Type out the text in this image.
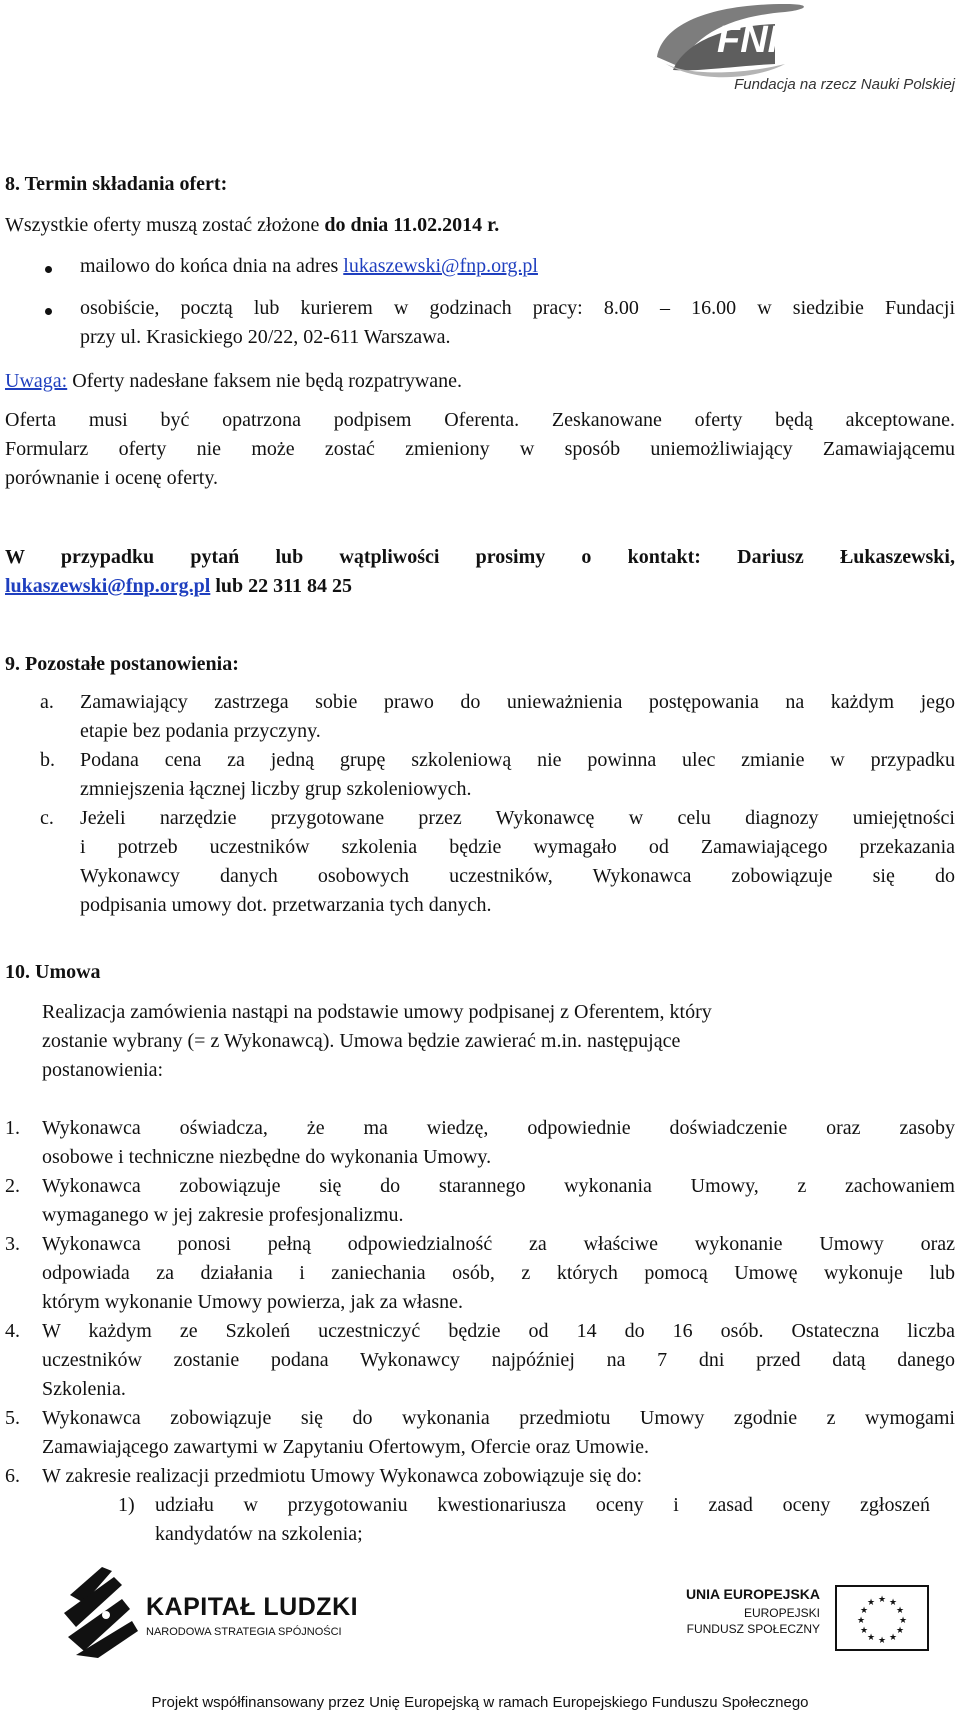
FNP
Fundacja na rzecz Nauki Polskiej
8. Termin składania ofert:
Wszystkie oferty muszą zostać złożone do dnia 11.02.2014 r.
mailowo do końca dnia na adres lukaszewski@fnp.org.pl
osobiście, pocztą lub kurierem w godzinach pracy: 8.00 – 16.00 w siedzibie Fundacji
przy ul. Krasickiego 20/22, 02-611 Warszawa.
Uwaga: Oferty nadesłane faksem nie będą rozpatrywane.
Oferta musi być opatrzona podpisem Oferenta. Zeskanowane oferty będą akceptowane.
Formularz oferty nie może zostać zmieniony w sposób uniemożliwiający Zamawiającemu
porównanie i ocenę oferty.
W przypadku pytań lub wątpliwości prosimy o kontakt: Dariusz Łukaszewski,
lukaszewski@fnp.org.pl lub 22 311 84 25
9. Pozostałe postanowienia:
a.	Zamawiający zastrzega sobie prawo do unieważnienia postępowania na każdym jego
etapie bez podania przyczyny.
b.	Podana cena za jedną grupę szkoleniową nie powinna ulec zmianie w przypadku
zmniejszenia łącznej liczby grup szkoleniowych.
c.	Jeżeli narzędzie przygotowane przez Wykonawcę w celu diagnozy umiejętności
i potrzeb uczestników szkolenia będzie wymagało od Zamawiającego przekazania
Wykonawcy danych osobowych uczestników, Wykonawca zobowiązuje się do
podpisania umowy dot. przetwarzania tych danych.
10. Umowa
Realizacja zamówienia nastąpi na podstawie umowy podpisanej z Oferentem, który
zostanie wybrany (= z Wykonawcą). Umowa będzie zawierać m.in. następujące
postanowienia:
1.	Wykonawca oświadcza, że ma wiedzę, odpowiednie doświadczenie oraz zasoby
osobowe i techniczne niezbędne do wykonania Umowy.
2.	Wykonawca zobowiązuje się do starannego wykonania Umowy, z zachowaniem
wymaganego w jej zakresie profesjonalizmu.
3.	Wykonawca ponosi pełną odpowiedzialność za właściwe wykonanie Umowy oraz
odpowiada za działania i zaniechania osób, z których pomocą Umowę wykonuje lub
którym wykonanie Umowy powierza, jak za własne.
4.	W każdym ze Szkoleń uczestniczyć będzie od 14 do 16 osób. Ostateczna liczba
uczestników zostanie podana Wykonawcy najpóźniej na 7 dni przed datą danego
Szkolenia.
5.	Wykonawca zobowiązuje się do wykonania przedmiotu Umowy zgodnie z wymogami
Zamawiającego zawartymi w Zapytaniu Ofertowym, Ofercie oraz Umowie.
6.	W zakresie realizacji przedmiotu Umowy Wykonawca zobowiązuje się do:
1)	udziału w przygotowaniu kwestionariusza oceny i zasad oceny zgłoszeń
kandydatów na szkolenia;
KAPITAŁ LUDZKI
NARODOWA STRATEGIA SPÓJNOŚCI
UNIA EUROPEJSKA
EUROPEJSKI
FUNDUSZ SPOŁECZNY
★ ★
★
★
★
★
★
★
★
★
★
★
Projekt współfinansowany przez Unię Europejską w ramach Europejskiego Funduszu Społecznego
